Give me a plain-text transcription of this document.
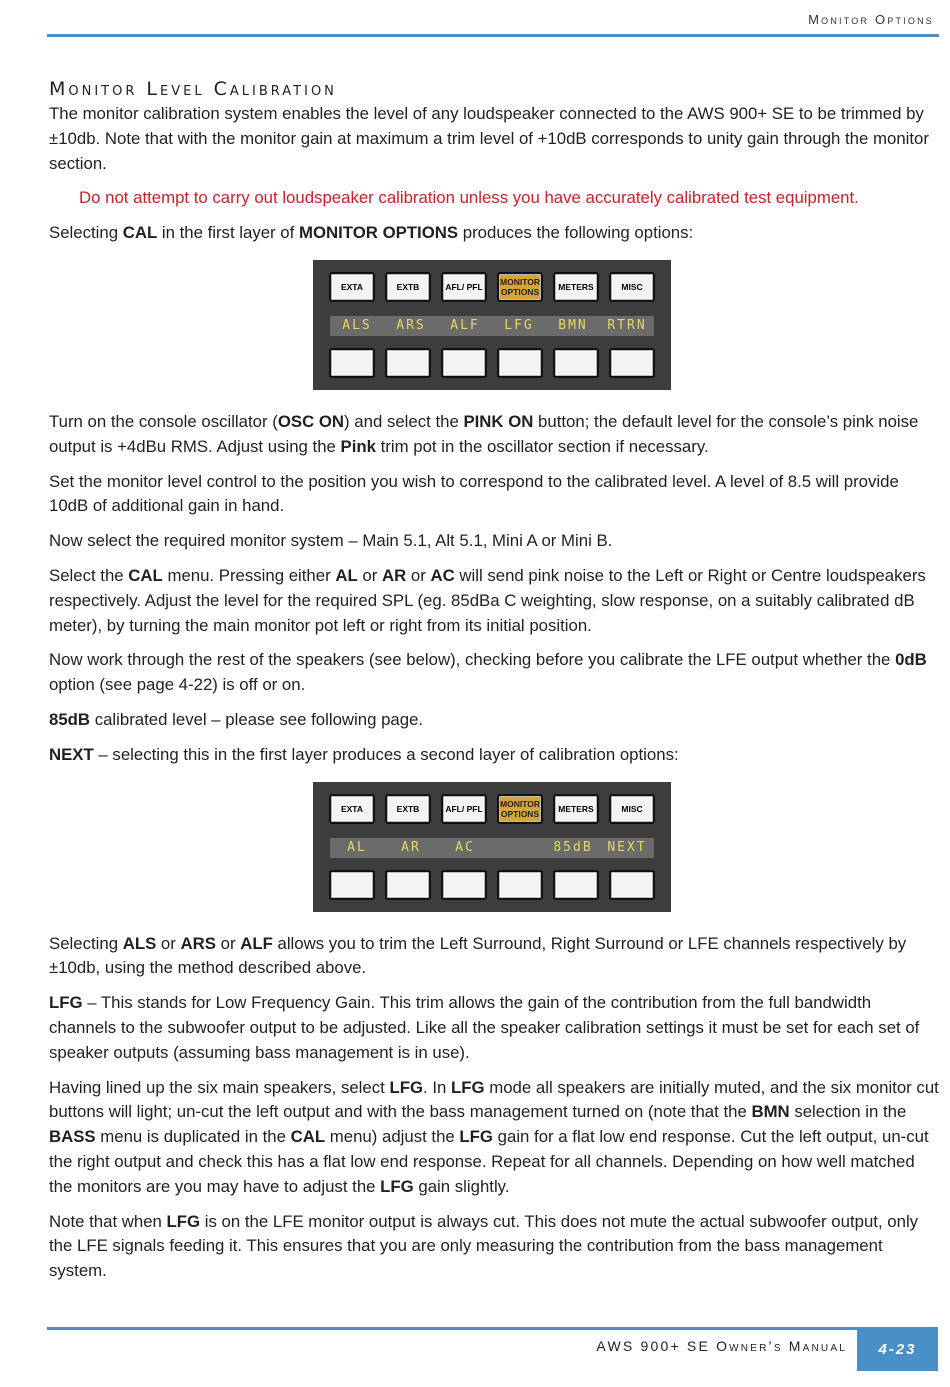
Monitor Options
Monitor Level Calibration

The monitor calibration system enables the level of any loudspeaker connected to the AWS 900+ SE to be trimmed by ±10db. Note that with the monitor gain at maximum a trim level of +10dB corresponds to unity gain through the monitor section.

Do not attempt to carry out loudspeaker calibration unless you have accurately calibrated test equipment.

Selecting CAL in the first layer of MONITOR OPTIONS produces the following options:

EXTA	EXTB	AFL/ PFL	MONITOR OPTIONS	METERS	MISC
ALS	ARS	ALF	LFG	BMN	RTRN

Turn on the console oscillator (OSC ON) and select the PINK ON button; the default level for the console’s pink noise output is +4dBu RMS. Adjust using the Pink trim pot in the oscillator section if necessary.

Set the monitor level control to the position you wish to correspond to the calibrated level. A level of 8.5 will provide 10dB of additional gain in hand.

Now select the required monitor system – Main 5.1, Alt 5.1, Mini A or Mini B.

Select the CAL menu. Pressing either AL or AR or AC will send pink noise to the Left or Right or Centre loudspeakers respectively. Adjust the level for the required SPL (eg. 85dBa C weighting, slow response, on a suitably calibrated dB meter), by turning the main monitor pot left or right from its initial position.

Now work through the rest of the speakers (see below), checking before you calibrate the LFE output whether the 0dB option (see page 4-22) is off or on.

85dB calibrated level – please see following page.

NEXT – selecting this in the first layer produces a second layer of calibration options:

EXTA	EXTB	AFL/ PFL	MONITOR OPTIONS	METERS	MISC
AL	AR	AC	85dB	NEXT

Selecting ALS or ARS or ALF allows you to trim the Left Surround, Right Surround or LFE channels respectively by ±10db, using the method described above.

LFG – This stands for Low Frequency Gain. This trim allows the gain of the contribution from the full bandwidth channels to the subwoofer output to be adjusted. Like all the speaker calibration settings it must be set for each set of speaker outputs (assuming bass management is in use).

Having lined up the six main speakers, select LFG. In LFG mode all speakers are initially muted, and the six monitor cut buttons will light; un-cut the left output and with the bass management turned on (note that the BMN selection in the BASS menu is duplicated in the CAL menu) adjust the LFG gain for a flat low end response. Cut the left output, un-cut the right output and check this has a flat low end response. Repeat for all channels. Depending on how well matched the monitors are you may have to adjust the LFG gain slightly.

Note that when LFG is on the LFE monitor output is always cut. This does not mute the actual subwoofer output, only the LFE signals feeding it. This ensures that you are only measuring the contribution from the bass management system.

AWS 900+ SE Owner’s Manual	4-23
